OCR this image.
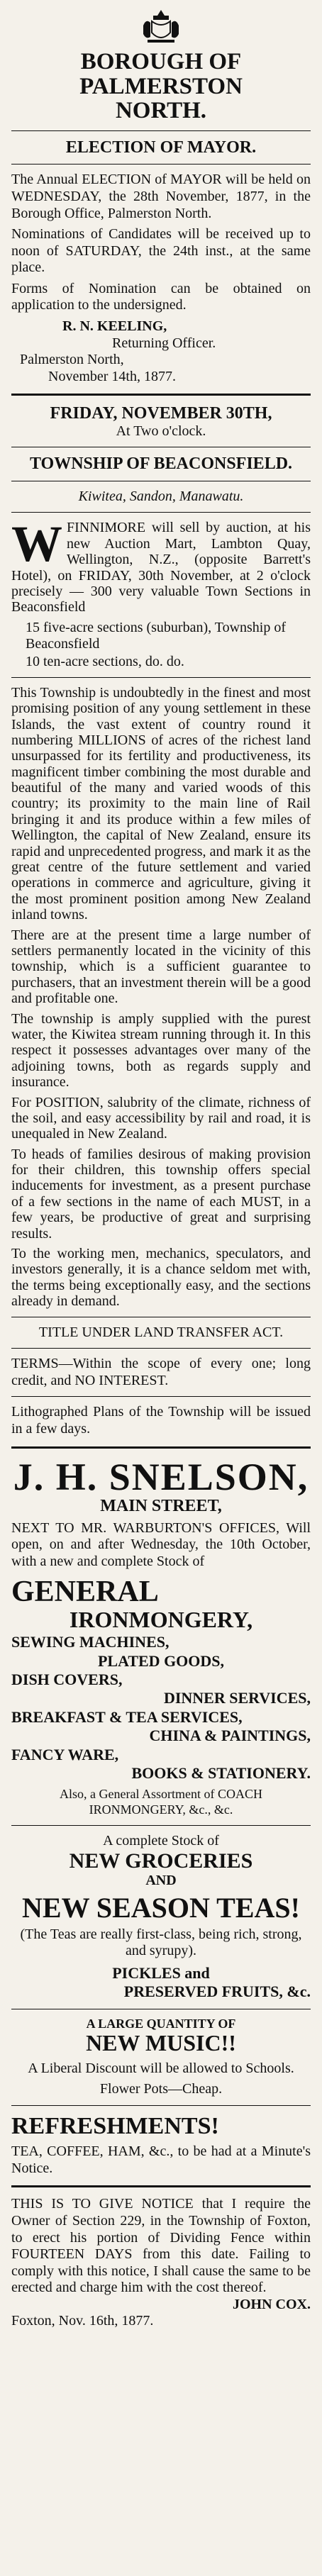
BOROUGH OF PALMERSTON
NORTH.
ELECTION OF MAYOR.

The Annual ELECTION of MAYOR will be held on WEDNESDAY, the 28th November, 1877, in the Borough Office, Palmerston North.

Nominations of Candidates will be received up to noon of SATURDAY, the 24th inst., at the same place.

Forms of Nomination can be obtained on application to the undersigned.

R. N. KEELING,
Returning Officer.
Palmerston North,
November 14th, 1877.
FRIDAY, NOVEMBER 30TH,
At Two o'clock.
TOWNSHIP OF BEACONSFIELD.
Kiwitea, Sandon, Manawatu.

W FINNIMORE will sell by auction, at his new Auction Mart, Lambton Quay, Wellington, N.Z., (opposite Barrett's Hotel), on FRIDAY, 30th November, at 2 o'clock precisely — 300 very valuable Town Sections in Beaconsfield

15 five-acre sections (suburban), Township of Beaconsfield
10 ten-acre sections, do. do.

This Township is undoubtedly in the finest and most promising position of any young settlement in these Islands, the vast extent of country round it numbering MILLIONS of acres of the richest land unsurpassed for its fertility and productiveness, its magnificent timber combining the most durable and beautiful of the many and varied woods of this country; its proximity to the main line of Rail bringing it and its produce within a few miles of Wellington, the capital of New Zealand, ensure its rapid and unprecedented progress, and mark it as the great centre of the future settlement and varied operations in commerce and agriculture, giving it the most prominent position among New Zealand inland towns.

There are at the present time a large number of settlers permanently located in the vicinity of this township, which is a sufficient guarantee to purchasers, that an investment therein will be a good and profitable one.

The township is amply supplied with the purest water, the Kiwitea stream running through it. In this respect it possesses advantages over many of the adjoining towns, both as regards supply and insurance.

For POSITION, salubrity of the climate, richness of the soil, and easy accessibility by rail and road, it is unequaled in New Zealand.

To heads of families desirous of making provision for their children, this township offers special inducements for investment, as a present purchase of a few sections in the name of each MUST, in a few years, be productive of great and surprising results.

To the working men, mechanics, speculators, and investors generally, it is a chance seldom met with, the terms being exceptionally easy, and the sections already in demand.

TITLE UNDER LAND TRANSFER ACT.

TERMS—Within the scope of every one; long credit, and NO INTEREST.

Lithographed Plans of the Township will be issued in a few days.

J. H. SNELSON,
MAIN STREET,

NEXT TO MR. WARBURTON'S OFFICES, Will open, on and after Wednesday, the 10th October, with a new and complete Stock of

GENERAL
IRONMONGERY,
SEWING MACHINES,
PLATED GOODS,
DISH COVERS,
DINNER SERVICES,
BREAKFAST & TEA SERVICES,
CHINA & PAINTINGS,
FANCY WARE,
BOOKS & STATIONERY.

Also, a General Assortment of COACH IRONMONGERY, &c., &c.

A complete Stock of
NEW GROCERIES
AND
NEW SEASON TEAS!

(The Teas are really first-class, being rich, strong, and syrupy).

PICKLES and
PRESERVED FRUITS, &c.
A LARGE QUANTITY OF
NEW MUSIC!!

A Liberal Discount will be allowed to Schools.

Flower Pots—Cheap.
REFRESHMENTS!

TEA, COFFEE, HAM, &c., to be had at a Minute's Notice.

THIS IS TO GIVE NOTICE that I require the Owner of Section 229, in the Township of Foxton, to erect his portion of Dividing Fence within FOURTEEN DAYS from this date. Failing to comply with this notice, I shall cause the same to be erected and charge him with the cost thereof.

JOHN COX.
Foxton, Nov. 16th, 1877.
